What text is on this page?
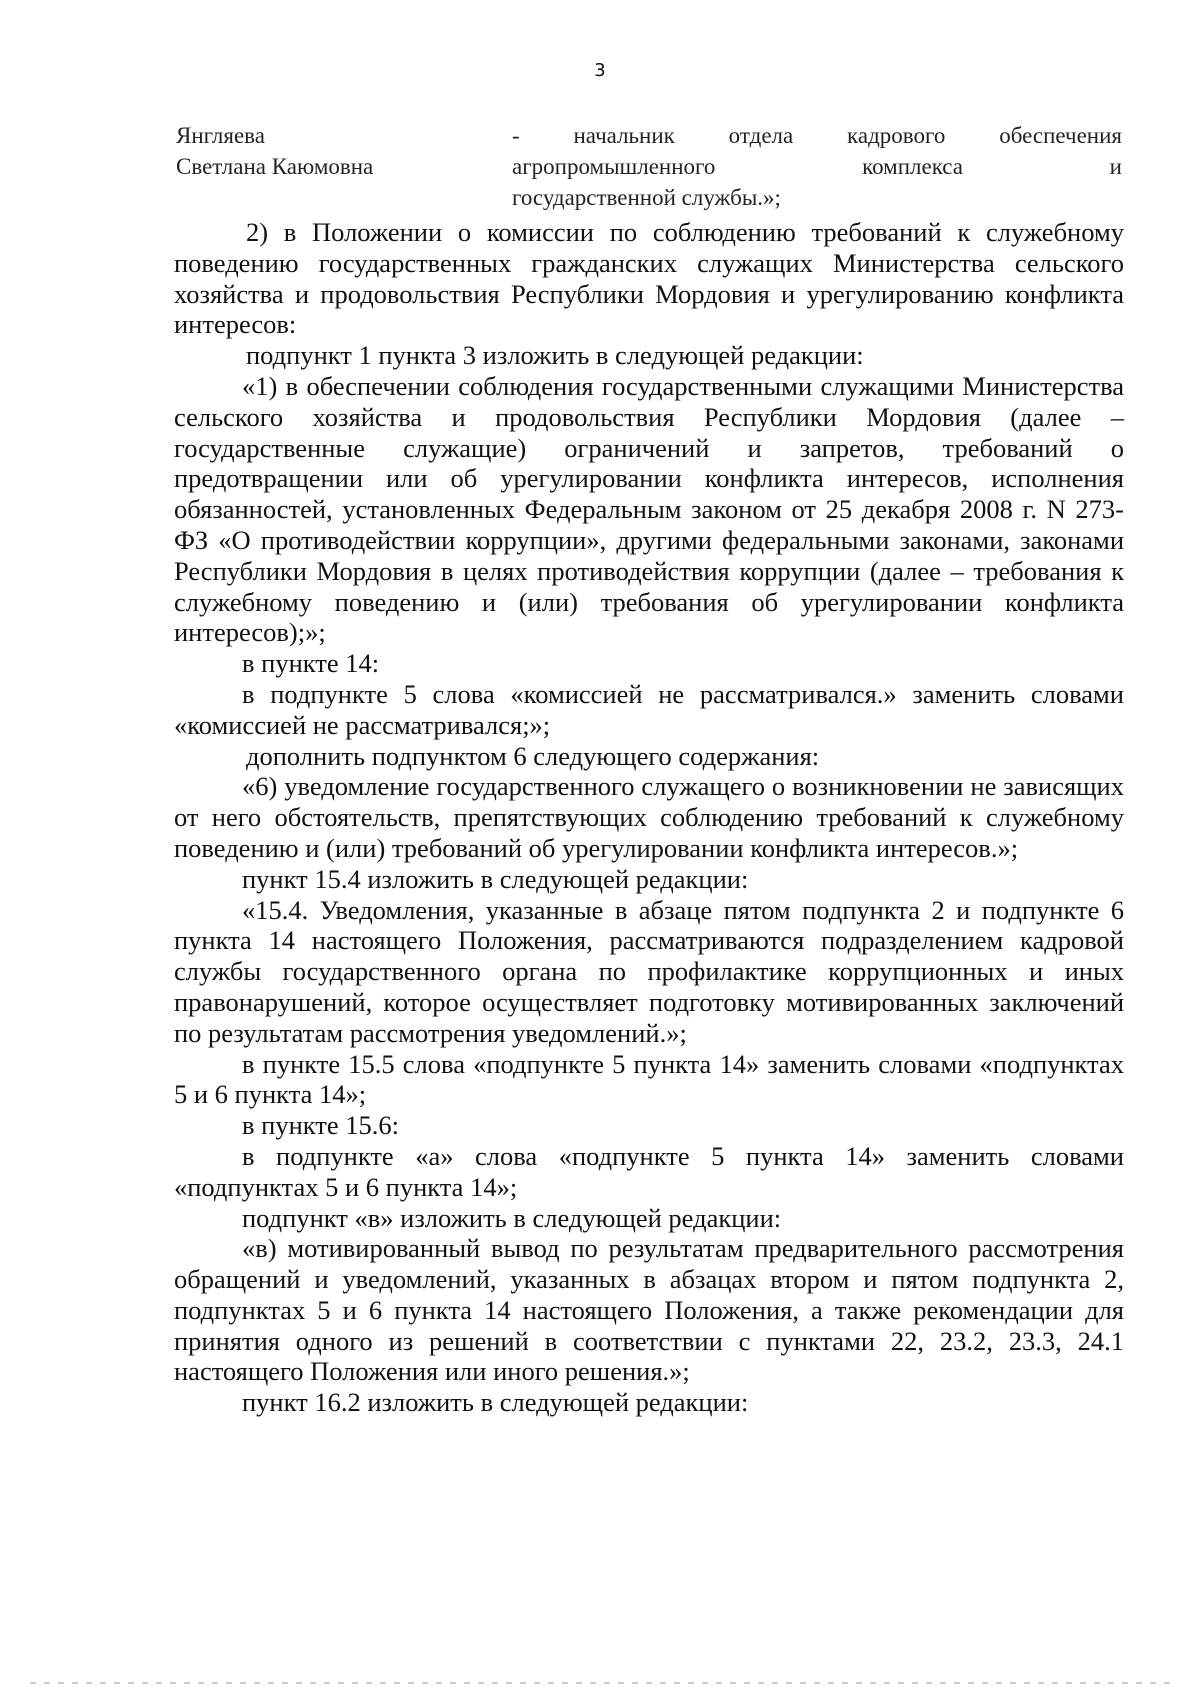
3
Янгляева
Светлана Каюмовна
- начальник отдела кадрового обеспечения
агропромышленного комплекса и
государственной службы.»;

2) в Положении о комиссии по соблюдению требований к служебному поведению государственных гражданских служащих Министерства сельского хозяйства и продовольствия Республики Мордовия и урегулированию конфликта интересов:

подпункт 1 пункта 3 изложить в следующей редакции:

«1) в обеспечении соблюдения государственными служащими Министерства сельского хозяйства и продовольствия Республики Мордовия (далее – государственные служащие) ограничений и запретов, требований о предотвращении или об урегулировании конфликта интересов, исполнения обязанностей, установленных Федеральным законом от 25 декабря 2008 г. N 273-ФЗ «О противодействии коррупции», другими федеральными законами, законами Республики Мордовия в целях противодействия коррупции (далее – требования к служебному поведению и (или) требования об урегулировании конфликта интересов);»;

в пункте 14:

в подпункте 5 слова «комиссией не рассматривался.» заменить словами «комиссией не рассматривался;»;

дополнить подпунктом 6 следующего содержания:

«6) уведомление государственного служащего о возникновении не зависящих от него обстоятельств, препятствующих соблюдению требований к служебному поведению и (или) требований об урегулировании конфликта интересов.»;

пункт 15.4 изложить в следующей редакции:

«15.4. Уведомления, указанные в абзаце пятом подпункта 2 и подпункте 6 пункта 14 настоящего Положения, рассматриваются подразделением кадровой службы государственного органа по профилактике коррупционных и иных правонарушений, которое осуществляет подготовку мотивированных заключений по результатам рассмотрения уведомлений.»;

в пункте 15.5 слова «подпункте 5 пункта 14» заменить словами «подпунктах 5 и 6 пункта 14»;

в пункте 15.6:

в подпункте «а» слова «подпункте 5 пункта 14» заменить словами «подпунктах 5 и 6 пункта 14»;

подпункт «в» изложить в следующей редакции:

«в) мотивированный вывод по результатам предварительного рассмотрения обращений и уведомлений, указанных в абзацах втором и пятом подпункта 2, подпунктах 5 и 6 пункта 14 настоящего Положения, а также рекомендации для принятия одного из решений в соответствии с пунктами 22, 23.2, 23.3, 24.1 настоящего Положения или иного решения.»;

пункт 16.2 изложить в следующей редакции:
